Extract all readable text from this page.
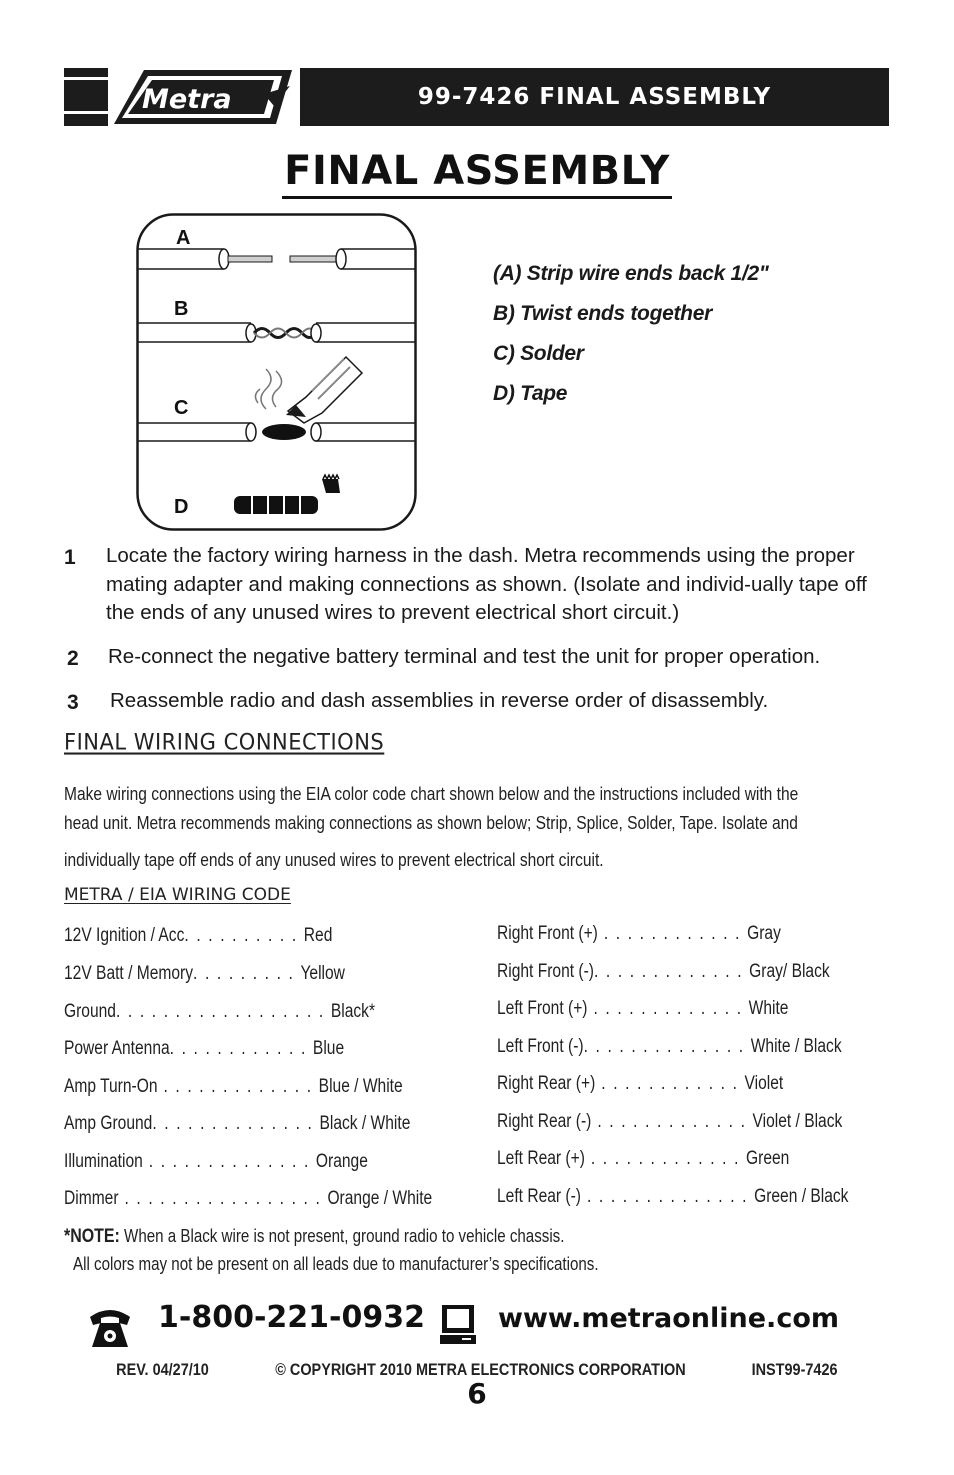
Metra	99-7426 FINAL ASSEMBLY
FINAL ASSEMBLY
A
B
C
D
(A) Strip wire ends back 1/2"
B) Twist ends together
C) Solder
D) Tape
1 Locate the factory wiring harness in the dash. Metra recommends using the proper mating adapter and making connections as shown. (Isolate and individ-ually tape off the ends of any unused wires to prevent electrical short circuit.)
2 Re-connect the negative battery terminal and test the unit for proper operation.
3 Reassemble radio and dash assemblies in reverse order of disassembly.
FINAL WIRING CONNECTIONS
Make wiring connections using the EIA color code chart shown below and the instructions included with the
head unit. Metra recommends making connections as shown below; Strip, Splice, Solder, Tape. Isolate and
individually tape off ends of any unused wires to prevent electrical short circuit.
METRA / EIA WIRING CODE
12V Ignition / Acc. . . . . . . . . . Red
12V Batt / Memory. . . . . . . . . Yellow
Ground. . . . . . . . . . . . . . . . . . Black*
Power Antenna. . . . . . . . . . . . Blue
Amp Turn-On . . . . . . . . . . . . . Blue / White
Amp Ground. . . . . . . . . . . . . . Black / White
Illumination . . . . . . . . . . . . . . Orange
Dimmer . . . . . . . . . . . . . . . . . Orange / White
Right Front (+) . . . . . . . . . . . . Gray
Right Front (-). . . . . . . . . . . . . Gray/ Black
Left Front (+) . . . . . . . . . . . . . White
Left Front (-). . . . . . . . . . . . . . White / Black
Right Rear (+) . . . . . . . . . . . . Violet
Right Rear (-) . . . . . . . . . . . . . Violet / Black
Left Rear (+) . . . . . . . . . . . . . Green
Left Rear (-) . . . . . . . . . . . . . . Green / Black
*NOTE: When a Black wire is not present, ground radio to vehicle chassis.
All colors may not be present on all leads due to manufacturer’s specifications.
1-800-221-0932	www.metraonline.com
REV. 04/27/10	© COPYRIGHT 2010 METRA ELECTRONICS CORPORATION	INST99-7426
6
